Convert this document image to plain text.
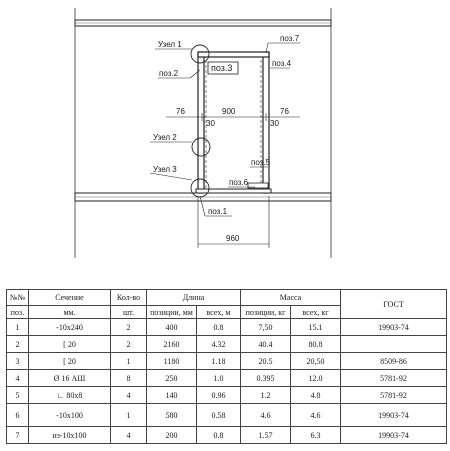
Узел 1
поз.2
Узел 2
Узел 3
поз.3
поз.7
поз.4
поз.5
поз.6
поз.1
900
76	76
30	30
960
№№	Сечение	Кол-во	Длина		Масса		ГОСТ
поз.	мм.	шт.	позиции, мм	всех, м	позиции, кг	всех, кг	
1	-10x240	2	400	0.8	7,50	15.1	19903-74
2	[ 20	2	2160	4.32	40.4	80.8	
3	[ 20	1	1180	1.18	20.5	20,50	8509-86
4	Ø 16 АШ	8	250	1.0	0.395	12.0	5781-92
5	∟ 80x8	4	140	0.96	1.2	4.8	5781-92
6	-10x100	1	580	0.58	4.6	4.6	19903-74
7	из-10x100	4	200	0.8	1.57	6.3	19903-74
